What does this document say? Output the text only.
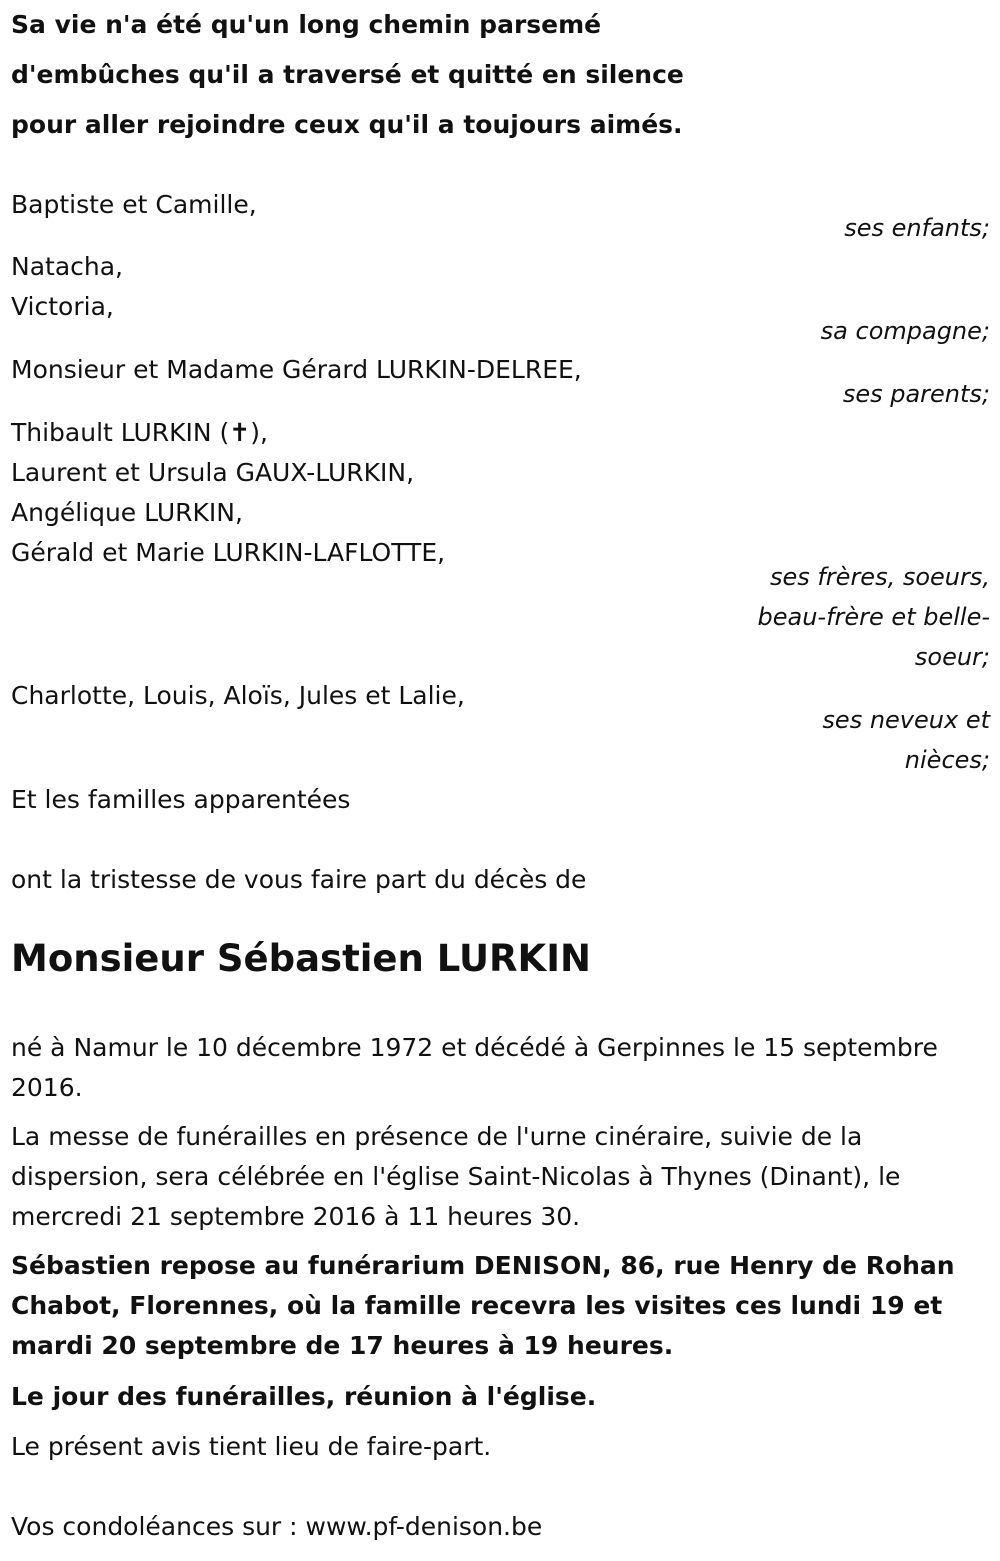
Sa vie n'a été qu'un long chemin parsemé
d'embûches qu'il a traversé et quitté en silence
pour aller rejoindre ceux qu'il a toujours aimés.
Baptiste et Camille,
ses enfants;
Natacha,
Victoria,
sa compagne;
Monsieur et Madame Gérard LURKIN-DELREE,
ses parents;
Thibault LURKIN (✝),
Laurent et Ursula GAUX-LURKIN,
Angélique LURKIN,
Gérald et Marie LURKIN-LAFLOTTE,
ses frères, soeurs,
beau-frère et belle-
soeur;
Charlotte, Louis, Aloïs, Jules et Lalie,
ses neveux et
nièces;
Et les familles apparentées
ont la tristesse de vous faire part du décès de
Monsieur Sébastien LURKIN
né à Namur le 10 décembre 1972 et décédé à Gerpinnes le 15 septembre 2016.
La messe de funérailles en présence de l'urne cinéraire, suivie de la dispersion, sera célébrée en l'église Saint-Nicolas à Thynes (Dinant), le mercredi 21 septembre 2016 à 11 heures 30.
Sébastien repose au funérarium DENISON, 86, rue Henry de Rohan Chabot, Florennes, où la famille recevra les visites ces lundi 19 et mardi 20 septembre de 17 heures à 19 heures.
Le jour des funérailles, réunion à l'église.
Le présent avis tient lieu de faire-part.
Vos condoléances sur : www.pf-denison.be
